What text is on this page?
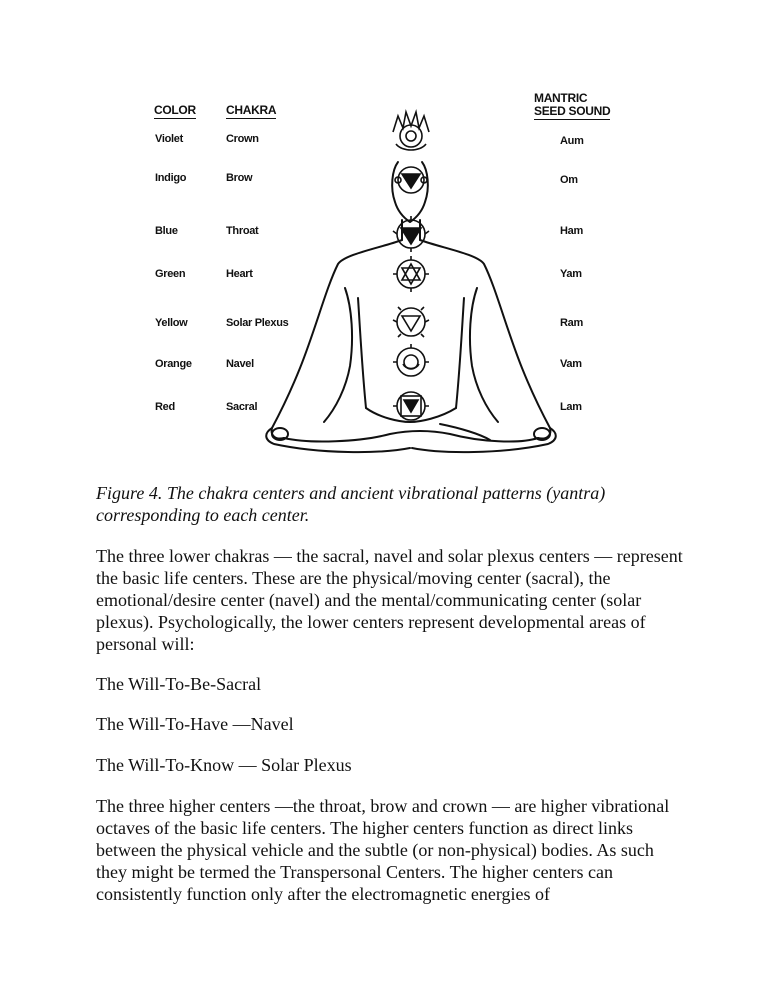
COLOR	CHAKRA
MANTRIC
SEED SOUND
Violet	Crown	Aum
Indigo	Brow	Om
Blue	Throat	Ham
Green	Heart	Yam
Yellow	Solar Plexus	Ram
Orange	Navel	Vam
Red	Sacral	Lam
Figure 4. The chakra centers and ancient vibrational patterns (yantra) corresponding to each center.
The three lower chakras — the sacral, navel and solar plexus centers — represent the basic life centers. These are the physical/moving center (sacral), the emotional/desire center (navel) and the mental/communicating center (solar plexus). Psychologically, the lower centers represent developmental areas of personal will:
The Will-To-Be-Sacral
The Will-To-Have —Navel
The Will-To-Know — Solar Plexus
The three higher centers —the throat, brow and crown — are higher vibrational octaves of the basic life centers. The higher centers function as direct links between the physical vehicle and the subtle (or non-physical) bodies. As such they might be termed the Transpersonal Centers. The higher centers can consistently function only after the electromagnetic energies of
